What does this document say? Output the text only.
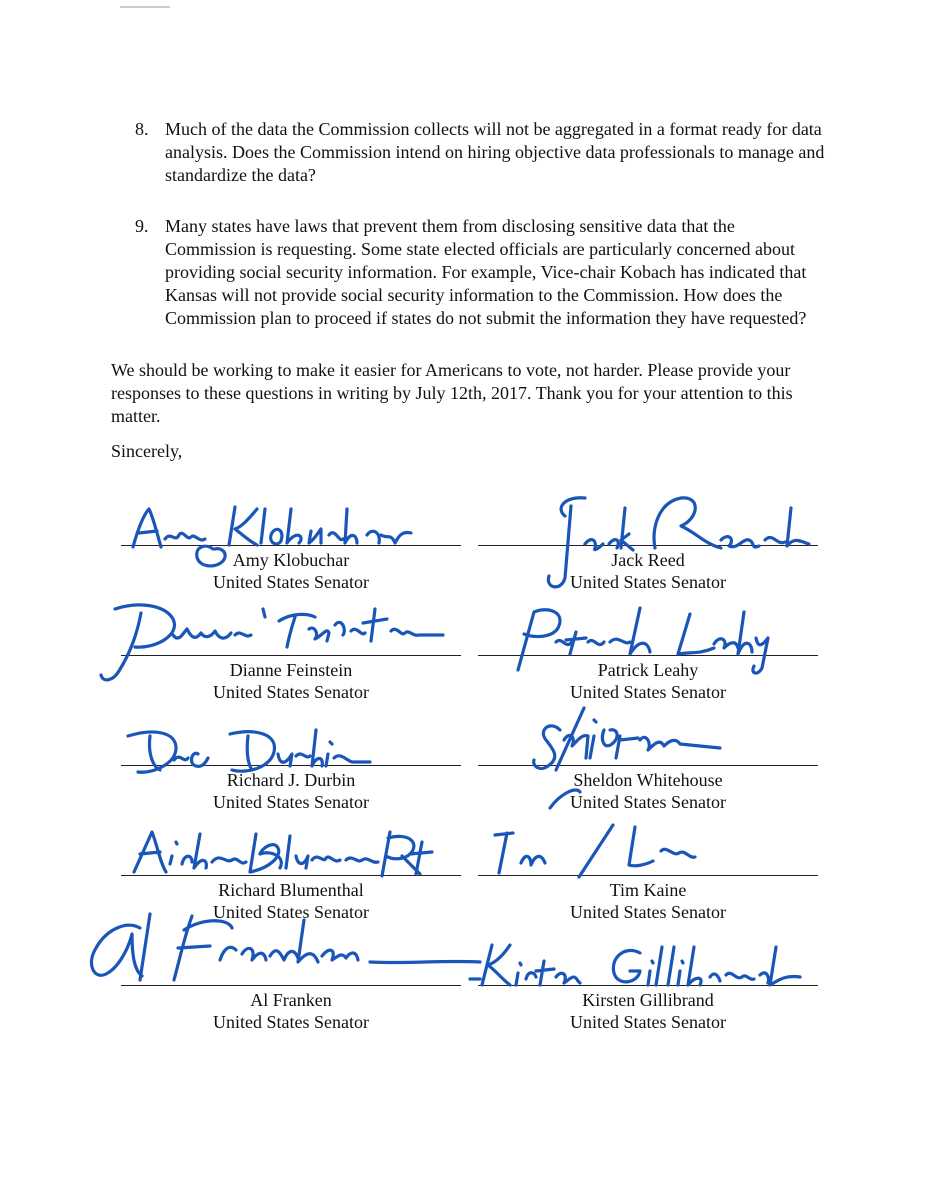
8. Much of the data the Commission collects will not be aggregated in a format ready for data analysis. Does the Commission intend on hiring objective data professionals to manage and standardize the data?
9. Many states have laws that prevent them from disclosing sensitive data that the Commission is requesting. Some state elected officials are particularly concerned about providing social security information. For example, Vice-chair Kobach has indicated that Kansas will not provide social security information to the Commission. How does the Commission plan to proceed if states do not submit the information they have requested?
We should be working to make it easier for Americans to vote, not harder. Please provide your responses to these questions in writing by July 12th, 2017. Thank you for your attention to this matter.
Sincerely,
Amy Klobuchar
United States Senator
Dianne Feinstein
United States Senator
Richard J. Durbin
United States Senator
Richard Blumenthal
United States Senator
Al Franken
United States Senator
Jack Reed
United States Senator
Patrick Leahy
United States Senator
Sheldon Whitehouse
United States Senator
Tim Kaine
United States Senator
Kirsten Gillibrand
United States Senator
